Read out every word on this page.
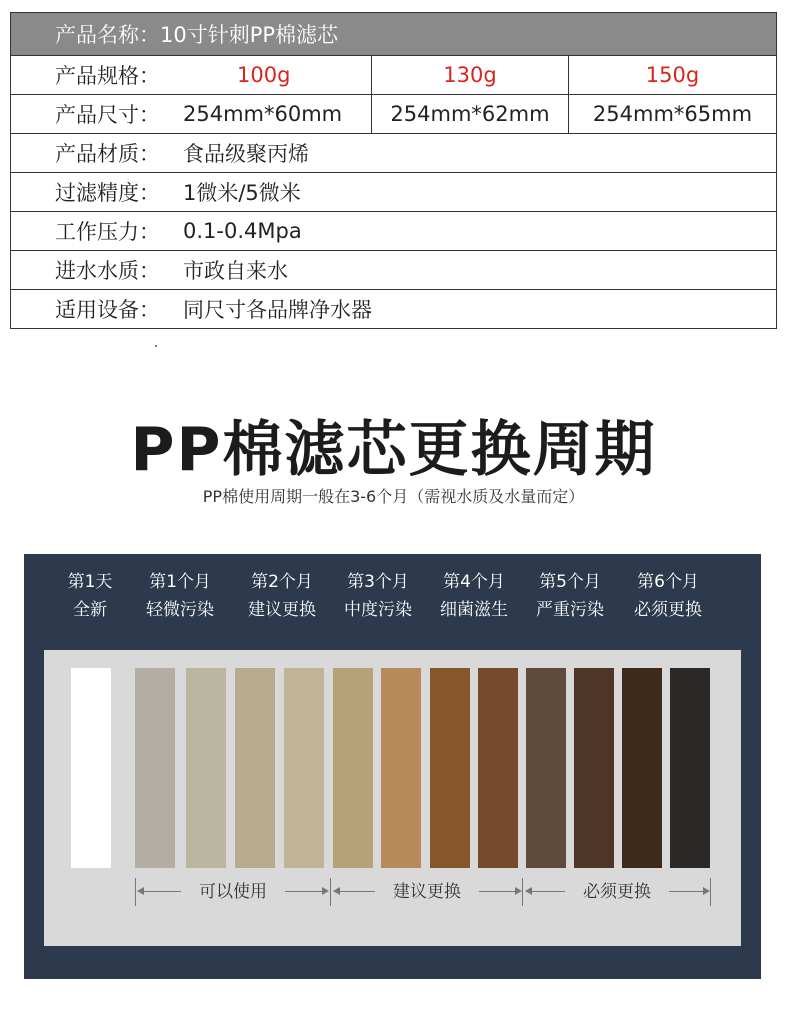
产品名称： 10寸针刺PP棉滤芯
产品规格：	100g	130g	150g
产品尺寸：	254mm*60mm 254mm*62mm 254mm*65mm
产品材质：	食品级聚丙烯
过滤精度：	1微米/5微米
工作压力：	0.1-0.4Mpa
进水水质：	市政自来水
适用设备：	同尺寸各品牌净水器
PP棉滤芯更换周期
PP棉使用周期一般在3-6个月（需视水质及水量而定）
第1天
全新
第1个月
轻微污染
第2个月
建议更换
第3个月
中度污染
第4个月
细菌滋生
第5个月
严重污染
第6个月
必须更换
可以使用	建议更换	必须更换
